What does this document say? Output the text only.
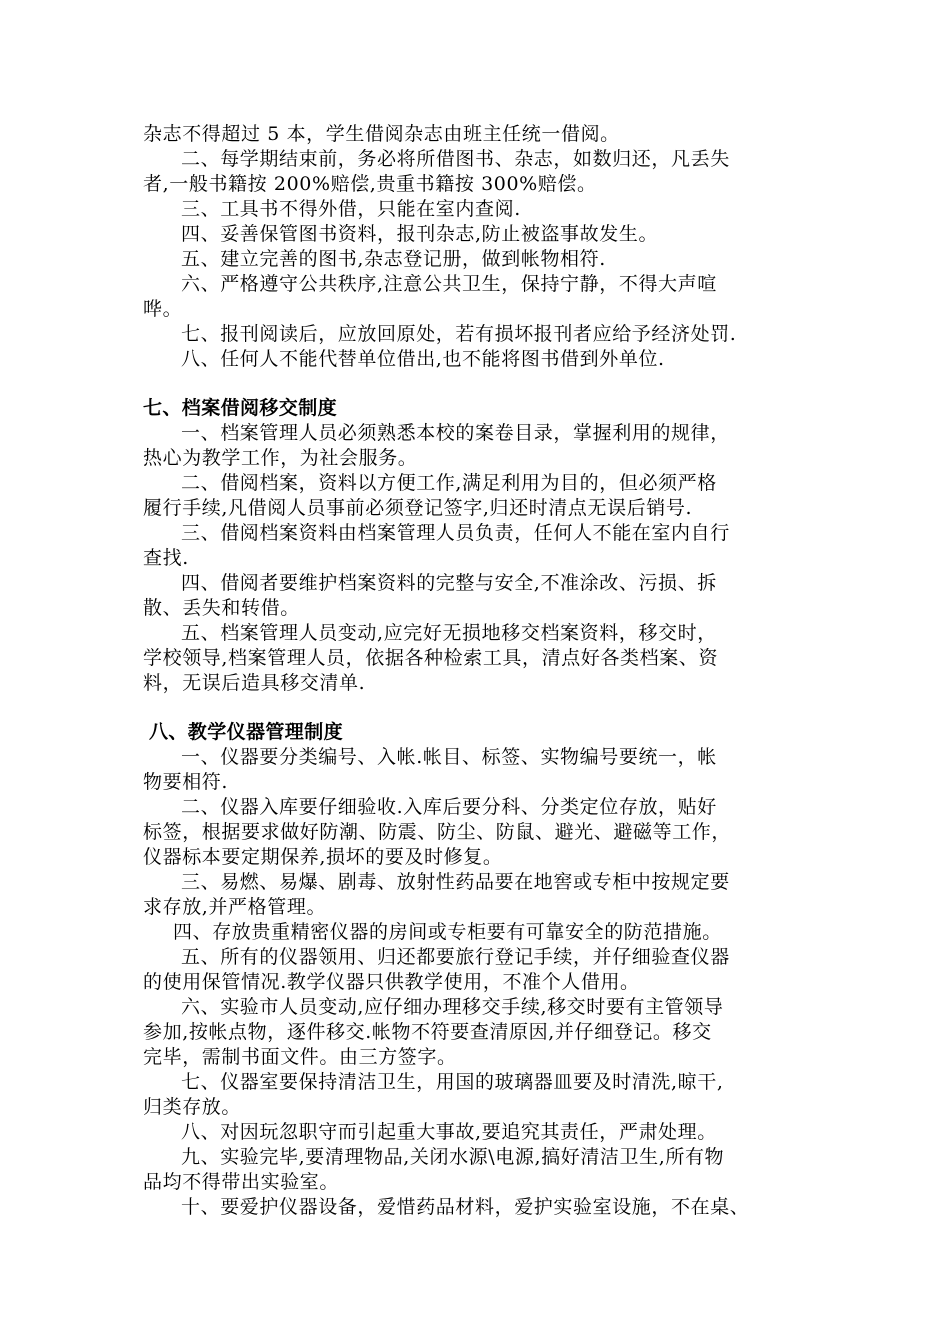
杂志不得超过 5 本，学生借阅杂志由班主任统一借阅。
二、每学期结束前，务必将所借图书、杂志，如数归还，凡丢失
者,一般书籍按 200%赔偿,贵重书籍按 300%赔偿。
三、工具书不得外借，只能在室内查阅.
四、妥善保管图书资料，报刊杂志,防止被盗事故发生。
五、建立完善的图书,杂志登记册，做到帐物相符.
六、严格遵守公共秩序,注意公共卫生，保持宁静，不得大声喧
哗。
七、报刊阅读后，应放回原处，若有损坏报刊者应给予经济处罚.
八、任何人不能代替单位借出,也不能将图书借到外单位.
七、档案借阅移交制度
一、档案管理人员必须熟悉本校的案卷目录，掌握利用的规律，
热心为教学工作，为社会服务。
二、借阅档案，资料以方便工作,满足利用为目的，但必须严格
履行手续,凡借阅人员事前必须登记签字,归还时清点无误后销号.
三、借阅档案资料由档案管理人员负责，任何人不能在室内自行
查找.
四、借阅者要维护档案资料的完整与安全,不准涂改、污损、拆
散、丢失和转借。
五、档案管理人员变动,应完好无损地移交档案资料，移交时，
学校领导,档案管理人员，依据各种检索工具，清点好各类档案、资
料，无误后造具移交清单.
八、教学仪器管理制度
一、仪器要分类编号、入帐.帐目、标签、实物编号要统一，帐
物要相符.
二、仪器入库要仔细验收.入库后要分科、分类定位存放，贴好
标签，根据要求做好防潮、防震、防尘、防鼠、避光、避磁等工作，
仪器标本要定期保养,损坏的要及时修复。
三、易燃、易爆、剧毒、放射性药品要在地窖或专柜中按规定要
求存放,并严格管理。
四、存放贵重精密仪器的房间或专柜要有可靠安全的防范措施。
五、所有的仪器领用、归还都要旅行登记手续，并仔细验查仪器
的使用保管情况.教学仪器只供教学使用，不准个人借用。
六、实验市人员变动,应仔细办理移交手续,移交时要有主管领导
参加,按帐点物，逐件移交.帐物不符要查清原因,并仔细登记。移交
完毕，需制书面文件。由三方签字。
七、仪器室要保持清洁卫生，用国的玻璃器皿要及时清洗,晾干,
归类存放。
八、对因玩忽职守而引起重大事故,要追究其责任，严肃处理。
九、实验完毕,要清理物品,关闭水源\电源,搞好清洁卫生,所有物
品均不得带出实验室。
十、要爱护仪器设备，爱惜药品材料，爱护实验室设施，不在桌、
